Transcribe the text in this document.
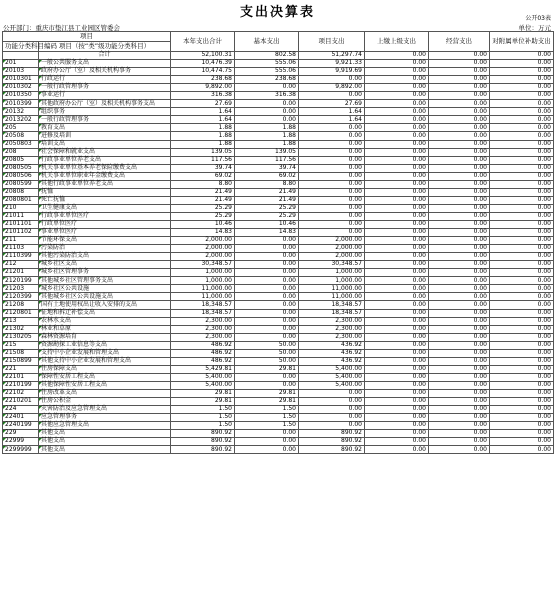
支出决算表	公开03表
公开部门：重庆市垫江县工业园区管委会	单位：万元
项目		本年支出合计	基本支出	项目支出	上缴上级支出	经营支出	对附属单位补助支出
功能分类科目编码	项目（按“类”级功能分类科目）						
	合计	52,100.31	802.58	51,297.74	0.00	0.00	0.00
201	一般公共服务支出	10,476.39	555.06	9,921.33	0.00	0.00	0.00
20103	政府办公厅（室）及相关机构事务	10,474.75	555.06	9,919.69	0.00	0.00	0.00
2010301	行政运行	238.68	238.68	0.00	0.00	0.00	0.00
2010302	一般行政管理事务	9,892.00	0.00	9,892.00	0.00	0.00	0.00
2010350	事业运行	316.38	316.38	0.00	0.00	0.00	0.00
2010399	其他政府办公厅（室）及相关机构事务支出	27.69	0.00	27.69	0.00	0.00	0.00
20132	组织事务	1.64	0.00	1.64	0.00	0.00	0.00
2013202	一般行政管理事务	1.64	0.00	1.64	0.00	0.00	0.00
205	教育支出	1.88	1.88	0.00	0.00	0.00	0.00
20508	进修及培训	1.88	1.88	0.00	0.00	0.00	0.00
2050803	培训支出	1.88	1.88	0.00	0.00	0.00	0.00
208	社会保障和就业支出	139.05	139.05	0.00	0.00	0.00	0.00
20805	行政事业单位养老支出	117.56	117.56	0.00	0.00	0.00	0.00
2080505	机关事业单位基本养老保险缴费支出	39.74	39.74	0.00	0.00	0.00	0.00
2080506	机关事业单位职业年金缴费支出	69.02	69.02	0.00	0.00	0.00	0.00
2080599	其他行政事业单位养老支出	8.80	8.80	0.00	0.00	0.00	0.00
20808	抚恤	21.49	21.49	0.00	0.00	0.00	0.00
2080801	死亡抚恤	21.49	21.49	0.00	0.00	0.00	0.00
210	卫生健康支出	25.29	25.29	0.00	0.00	0.00	0.00
21011	行政事业单位医疗	25.29	25.29	0.00	0.00	0.00	0.00
2101101	行政单位医疗	10.46	10.46	0.00	0.00	0.00	0.00
2101102	事业单位医疗	14.83	14.83	0.00	0.00	0.00	0.00
211	节能环保支出	2,000.00	0.00	2,000.00	0.00	0.00	0.00
21103	污染防治	2,000.00	0.00	2,000.00	0.00	0.00	0.00
2110399	其他污染防治支出	2,000.00	0.00	2,000.00	0.00	0.00	0.00
212	城乡社区支出	30,348.57	0.00	30,348.57	0.00	0.00	0.00
21201	城乡社区管理事务	1,000.00	0.00	1,000.00	0.00	0.00	0.00
2120199	其他城乡社区管理事务支出	1,000.00	0.00	1,000.00	0.00	0.00	0.00
21203	城乡社区公共设施	11,000.00	0.00	11,000.00	0.00	0.00	0.00
2120399	其他城乡社区公共设施支出	11,000.00	0.00	11,000.00	0.00	0.00	0.00
21208	国有土地使用权出让收入安排的支出	18,348.57	0.00	18,348.57	0.00	0.00	0.00
2120801	征地和拆迁补偿支出	18,348.57	0.00	18,348.57	0.00	0.00	0.00
213	农林水支出	2,300.00	0.00	2,300.00	0.00	0.00	0.00
21302	林业和草原	2,300.00	0.00	2,300.00	0.00	0.00	0.00
2130205	森林资源培育	2,300.00	0.00	2,300.00	0.00	0.00	0.00
215	资源勘探工业信息等支出	486.92	50.00	436.92	0.00	0.00	0.00
21508	支持中小企业发展和管理支出	486.92	50.00	436.92	0.00	0.00	0.00
2150899	其他支持中小企业发展和管理支出	486.92	50.00	436.92	0.00	0.00	0.00
221	住房保障支出	5,429.81	29.81	5,400.00	0.00	0.00	0.00
22101	保障性安居工程支出	5,400.00	0.00	5,400.00	0.00	0.00	0.00
2210199	其他保障性安居工程支出	5,400.00	0.00	5,400.00	0.00	0.00	0.00
22102	住房改革支出	29.81	29.81	0.00	0.00	0.00	0.00
2210201	住房公积金	29.81	29.81	0.00	0.00	0.00	0.00
224	灾害防治及应急管理支出	1.50	1.50	0.00	0.00	0.00	0.00
22401	应急管理事务	1.50	1.50	0.00	0.00	0.00	0.00
2240199	其他应急管理支出	1.50	1.50	0.00	0.00	0.00	0.00
229	其他支出	890.92	0.00	890.92	0.00	0.00	0.00
22999	其他支出	890.92	0.00	890.92	0.00	0.00	0.00
2299999	其他支出	890.92	0.00	890.92	0.00	0.00	0.00
